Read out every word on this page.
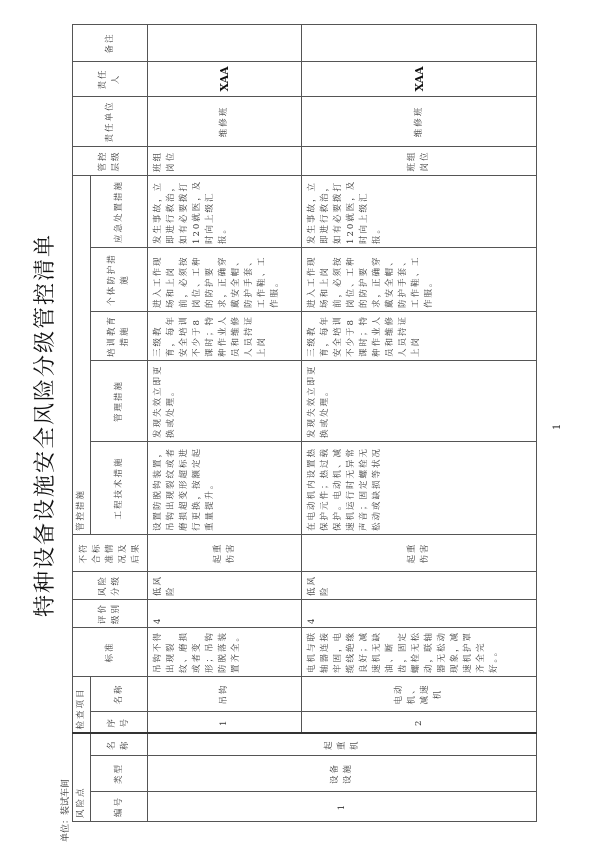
特种设备设施安全风险分级管控清单
单位：装试车间
1
风险点			检查项目		标准	评价级别	风险分级	不符合标准情况及后果	管控措施					管控层级	责任单位	责任人	备注
编号	类型	名称	序号	名称					工程技术措施	管理措施	培训教育措施	个体防护措施	应急处置措施				
1	设备设施	起重机	1	吊钩	吊钩不得出现裂纹、磨损或者变形；吊钩防脱落装置齐全。	4	低风险	起重伤害	设置防脱钩装置，吊钩出现裂纹或者磨损超变形超标进行更换，按额定起重量提升。	发现失效立即更换或处理。	三级教育，每年安全培训不少于8课时；特种作业人员和维修人员持证上岗	进入工作现场和上岗前，必须按岗位、工种的防护要求，正确穿戴安全帽、防护手套、工作鞋、工作服。	发生事故，立即进行救治，如有必要拨打120就医，及时向上级汇报。	班组岗位	维修班	XAA	
			2	电动机、减速机	电机与联轴器连接牢固，电缆线绝缘良好；减速机无缺油、断齿，固定螺栓无松动，联轴器无松动现象，减速机护罩齐全完好。。	4	低风险	起重伤害	在电动机内设置热保护元件；热过载保护。电动机、减速机运行时无异常声音；固定螺栓无松动或缺损等状况	发现失效立即更换或处理。	三级教育，每年安全培训不少于8课时；特种作业人员和维修人员持证上岗	进入工作现场和上岗前，必须按岗位、工种的防护要求，正确穿戴安全帽、防护手套、工作鞋、工作服。	发生事故，立即进行救治，如有必要拨打120就医，及时向上级汇报。	班组岗位	维修班	XAA	
